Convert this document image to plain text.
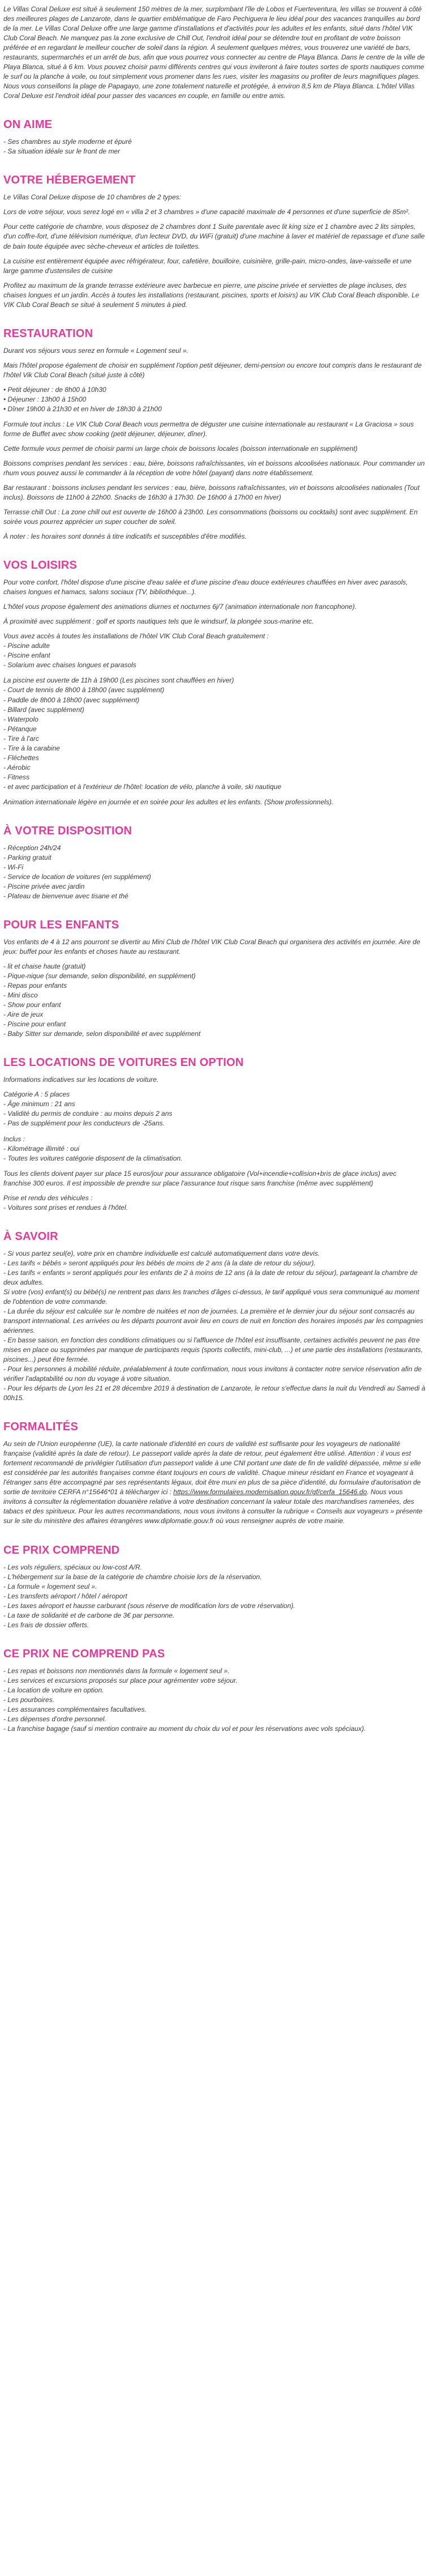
Le Villas Coral Deluxe est situé à seulement 150 mètres de la mer, surplombant l'île de Lobos et Fuerteventura, les villas se trouvent à côté des meilleures plages de Lanzarote, dans le quartier emblématique de Faro Pechiguera le lieu idéal pour des vacances tranquilles au bord de la mer. Le Villas Coral Deluxe offre une large gamme d'installations et d'activités pour les adultes et les enfants, situé dans l'hôtel VIK Club Coral Beach. Ne manquez pas la zone exclusive de Chill Out, l'endroit idéal pour se détendre tout en profitant de votre boisson préférée et en regardant le meilleur coucher de soleil dans la région. À seulement quelques mètres, vous trouverez une variété de bars, restaurants, supermarchés et un arrêt de bus, afin que vous pourrez vous connecter au centre de Playa Blanca. Dans le centre de la ville de Playa Blanca, situé à 6 km. Vous pouvez choisir parmi différents centres qui vous inviteront à faire toutes sortes de sports nautiques comme le surf ou la planche à voile, ou tout simplement vous promener dans les rues, visiter les magasins ou profiter de leurs magnifiques plages. Nous vous conseillons la plage de Papagayo, une zone totalement naturelle et protégée, à environ 8,5 km de Playa Blanca. L'hôtel Villas Coral Deluxe est l'endroit idéal pour passer des vacances en couple, en famille ou entre amis.

ON AIME

- Ses chambres au style moderne et épuré

- Sa situation idéale sur le front de mer

VOTRE HÉBERGEMENT

Le Villas Coral Deluxe dispose de 10 chambres de 2 types:

Lors de votre séjour, vous serez logé en « villa 2 et 3 chambres » d'une capacité maximale de 4 personnes et d'une superficie de 85m².

Pour cette catégorie de chambre, vous disposez de 2 chambres dont 1 Suite parentale avec lit king size et 1 chambre avec 2 lits simples, d'un coffre-fort, d'une télévision numérique, d'un lecteur DVD, du WiFi (gratuit) d'une machine à laver et matériel de repassage et d'une salle de bain toute équipée avec sèche-cheveux et articles de toilettes.

La cuisine est entièrement équipée avec réfrigérateur, four, cafetière, bouilloire, cuisinière, grille-pain, micro-ondes, lave-vaisselle et une large gamme d'ustensiles de cuisine

Profitez au maximum de la grande terrasse extérieure avec barbecue en pierre, une piscine privée et serviettes de plage incluses, des chaises longues et un jardin. Accès à toutes les installations (restaurant, piscines, sports et loisirs) au VIK Club Coral Beach disponible. Le VIK Club Coral Beach se situé à seulement 5 minutes à pied.

RESTAURATION

Durant vos séjours vous serez en formule « Logement seul ».

Mais l'hôtel propose également de choisir en supplément l'option petit déjeuner, demi-pension ou encore tout compris dans le restaurant de l'hôtel Vik Club Coral Beach (situé juste à côté)

• Petit déjeuner : de 8h00 à 10h30

• Déjeuner : 13h00 à 15h00

• Dîner 19h00 à 21h30 et en hiver de 18h30 à 21h00

Formule tout inclus : Le VIK Club Coral Beach vous permettra de déguster une cuisine internationale au restaurant « La Graciosa » sous forme de Buffet avec show cooking (petit déjeuner, déjeuner, dîner).

Cette formule vous permet de choisir parmi un large choix de boissons locales (boisson internationale en supplément)

Boissons comprises pendant les services : eau, bière, boissons rafraîchissantes, vin et boissons alcoolisées nationaux. Pour commander un rhum vous pouvez aussi le commander à la réception de votre hôtel (payant) dans notre établissement.

Bar restaurant : boissons incluses pendant les services : eau, bière, boissons rafraîchissantes, vin et boissons alcoolisées nationales (Tout inclus). Boissons de 11h00 à 22h00. Snacks de 16h30 à 17h30. De 16h00 à 17h00 en hiver)

Terrasse chill Out : La zone chill out est ouverte de 16h00 à 23h00. Les consommations (boissons ou cocktails) sont avec supplément. En soirée vous pourrez apprécier un super coucher de soleil.

À noter : les horaires sont donnés à titre indicatifs et susceptibles d'être modifiés.

VOS LOISIRS

Pour votre confort, l'hôtel dispose d'une piscine d'eau salée et d'une piscine d'eau douce extérieures chauffées en hiver avec parasols, chaises longues et hamacs, salons sociaux (TV, bibliothèque...).

L'hôtel vous propose également des animations diurnes et nocturnes 6j/7 (animation internationale non francophone).

À proximité avec supplément : golf et sports nautiques tels que le windsurf, la plongée sous-marine etc.

Vous avez accès à toutes les installations de l'hôtel VIK Club Coral Beach gratuitement :

- Piscine adulte

- Piscine enfant

- Solarium avec chaises longues et parasols

La piscine est ouverte de 11h à 19h00 (Les piscines sont chauffées en hiver)

- Court de tennis de 8h00 à 18h00 (avec supplément)

- Paddle de 8h00 à 18h00 (avec supplément)

- Billard (avec supplément)

- Waterpolo

- Pétanque

- Tire à l'arc

- Tire à la carabine

- Fléchettes

- Aérobic

- Fitness

- et avec participation et à l'extérieur de l'hôtel: location de vélo, planche à voile, ski nautique

Animation internationale légère en journée et en soirée pour les adultes et les enfants. (Show professionnels).

À VOTRE DISPOSITION

- Réception 24h/24

- Parking gratuit

- Wi-Fi

- Service de location de voitures (en supplément)

- Piscine privée avec jardin

- Plateau de bienvenue avec tisane et thé

POUR LES ENFANTS

Vos enfants de 4 à 12 ans pourront se divertir au Mini Club de l'hôtel VIK Club Coral Beach qui organisera des activités en journée. Aire de jeux: buffet pour les enfants et choses haute au restaurant.

- lit et chaise haute (gratuit)

- Pique-nique (sur demande, selon disponibilité, en supplément)

- Repas pour enfants

- Mini disco

- Show pour enfant

- Aire de jeux

- Piscine pour enfant

- Baby Sitter sur demande, selon disponibilité et avec supplément

LES LOCATIONS DE VOITURES EN OPTION

Informations indicatives sur les locations de voiture.

Catégorie A : 5 places

- Âge minimum : 21 ans

- Validité du permis de conduire : au moins depuis 2 ans

- Pas de supplément pour les conducteurs de -25ans.

Inclus :

- Kilométrage illimité : oui

- Toutes les voitures catégorie disposent de la climatisation.

Tous les clients doivent payer sur place 15 euros/jour pour assurance obligatoire (Vol+incendie+collision+bris de glace inclus) avec franchise 300 euros. Il est impossible de prendre sur place l'assurance tout risque sans franchise (même avec supplément)

Prise et rendu des véhicules :

- Voitures sont prises et rendues à l'hôtel.

À SAVOIR

- Si vous partez seul(e), votre prix en chambre individuelle est calculé automatiquement dans votre devis.

- Les tarifs « bébés » seront appliqués pour les bébés de moins de 2 ans (à la date de retour du séjour).

- Les tarifs « enfants » seront appliqués pour les enfants de 2 à moins de 12 ans (à la date de retour du séjour), partageant la chambre de deux adultes.

Si votre (vos) enfant(s) ou bébé(s) ne rentrent pas dans les tranches d'âges ci-dessus, le tarif appliqué vous sera communiqué au moment de l'obtention de votre commande.

- La durée du séjour est calculée sur le nombre de nuitées et non de journées. La première et le dernier jour du séjour sont consacrés au transport international. Les arrivées ou les départs pourront avoir lieu en cours de nuit en fonction des horaires imposés par les compagnies aériennes.

- En basse saison, en fonction des conditions climatiques ou si l'affluence de l'hôtel est insuffisante, certaines activités peuvent ne pas être mises en place ou supprimées par manque de participants requis (sports collectifs, mini-club, ...) et une partie des installations (restaurants, piscines...) peut être fermée.

- Pour les personnes à mobilité réduite, préalablement à toute confirmation, nous vous invitons à contacter notre service réservation afin de vérifier l'adaptabilité ou non du voyage à votre situation.

- Pour les départs de Lyon les 21 et 28 décembre 2019 à destination de Lanzarote, le retour s'effectue dans la nuit du Vendredi au Samedi à 00h15.

FORMALITÉS

Au sein de l'Union européenne (UE), la carte nationale d'identité en cours de validité est suffisante pour les voyageurs de nationalité française (validité après la date de retour). Le passeport valide après la date de retour, peut également être utilisé. Attention : il vous est fortement recommandé de privilégier l'utilisation d'un passeport valide à une CNI portant une date de fin de validité dépassée, même si elle est considérée par les autorités françaises comme étant toujours en cours de validité. Chaque mineur résidant en France et voyageant à l'étranger sans être accompagné par ses représentants légaux, doit être muni en plus de sa pièce d'identité, du formulaire d'autorisation de sortie de territoire CERFA n°15646*01 à télécharger ici : https://www.formulaires.modernisation.gouv.fr/gf/cerfa_15646.do. Nous vous invitons à consulter la réglementation douanière relative à votre destination concernant la valeur totale des marchandises ramenées, des tabacs et des spiritueux. Pour les autres recommandations, nous vous invitons à consulter la rubrique « Conseils aux voyageurs » présente sur le site du ministère des affaires étrangères www.diplomatie.gouv.fr où vous renseigner auprès de votre mairie.

CE PRIX COMPREND

- Les vols réguliers, spéciaux ou low-cost A/R.

- L'hébergement sur la base de la catégorie de chambre choisie lors de la réservation.

- La formule « logement seul ».

- Les transferts aéroport / hôtel / aéroport

- Les taxes aéroport et hausse carburant (sous réserve de modification lors de votre réservation).

- La taxe de solidarité et de carbone de 3€ par personne.

- Les frais de dossier offerts.

CE PRIX NE COMPREND PAS

- Les repas et boissons non mentionnés dans la formule « logement seul ».

- Les services et excursions proposés sur place pour agrémenter votre séjour.

- La location de voiture en option.

- Les pourboires.

- Les assurances complémentaires facultatives.

- Les dépenses d'ordre personnel.

- La franchise bagage (sauf si mention contraire au moment du choix du vol et pour les réservations avec vols spéciaux).
